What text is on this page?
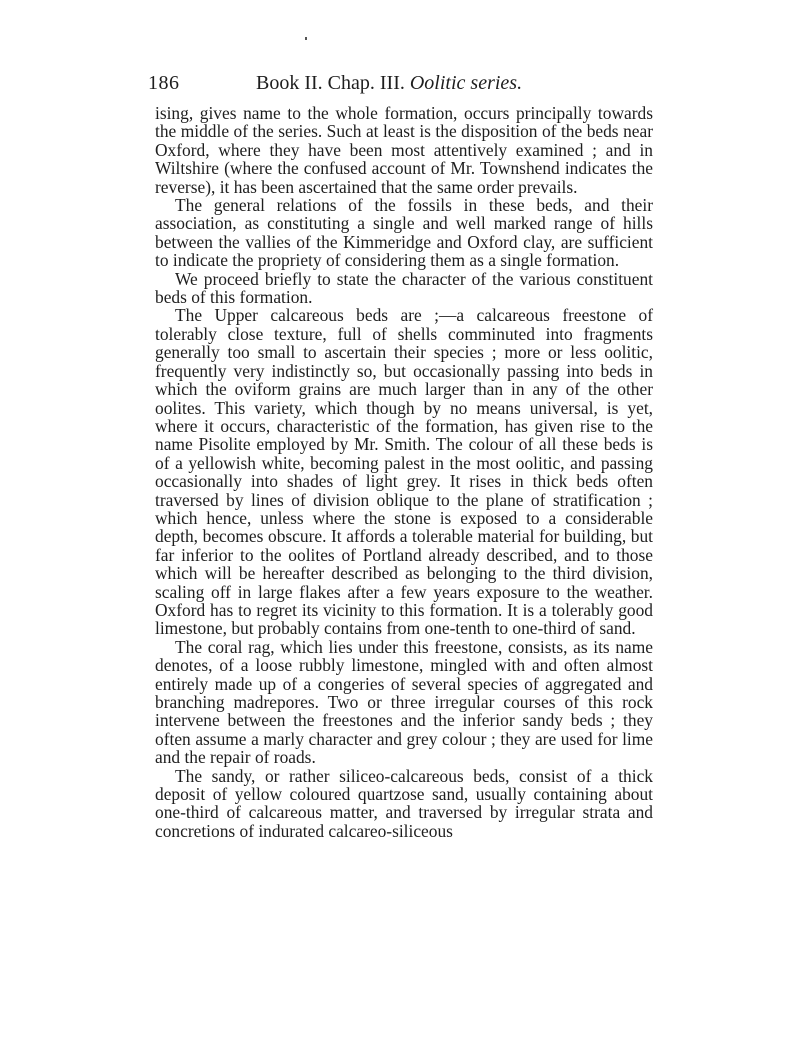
186	Book II. Chap. III. Oolitic series.

ising, gives name to the whole formation, occurs principally towards the middle of the series. Such at least is the disposition of the beds near Oxford, where they have been most attentively examined ; and in Wiltshire (where the confused account of Mr. Townshend indicates the reverse), it has been ascertained that the same order prevails.

The general relations of the fossils in these beds, and their association, as constituting a single and well marked range of hills between the vallies of the Kimmeridge and Oxford clay, are sufficient to indicate the propriety of considering them as a single formation.

We proceed briefly to state the character of the various constituent beds of this formation.

The Upper calcareous beds are ;—a calcareous freestone of tolerably close texture, full of shells comminuted into fragments generally too small to ascertain their species ; more or less oolitic, frequently very indistinctly so, but occasionally passing into beds in which the oviform grains are much larger than in any of the other oolites. This variety, which though by no means universal, is yet, where it occurs, characteristic of the formation, has given rise to the name Pisolite employed by Mr. Smith. The colour of all these beds is of a yellowish white, becoming palest in the most oolitic, and passing occasionally into shades of light grey. It rises in thick beds often traversed by lines of division oblique to the plane of stratification ; which hence, unless where the stone is exposed to a considerable depth, becomes obscure. It affords a tolerable material for building, but far inferior to the oolites of Portland already described, and to those which will be hereafter described as belonging to the third division, scaling off in large flakes after a few years exposure to the weather. Oxford has to regret its vicinity to this formation. It is a tolerably good limestone, but probably contains from one-tenth to one-third of sand.

The coral rag, which lies under this freestone, consists, as its name denotes, of a loose rubbly limestone, mingled with and often almost entirely made up of a congeries of several species of aggregated and branching madrepores. Two or three irregular courses of this rock intervene between the freestones and the inferior sandy beds ; they often assume a marly character and grey colour ; they are used for lime and the repair of roads.

The sandy, or rather siliceo-calcareous beds, consist of a thick deposit of yellow coloured quartzose sand, usually containing about one-third of calcareous matter, and traversed by irregular strata and concretions of indurated calcareo-siliceous
